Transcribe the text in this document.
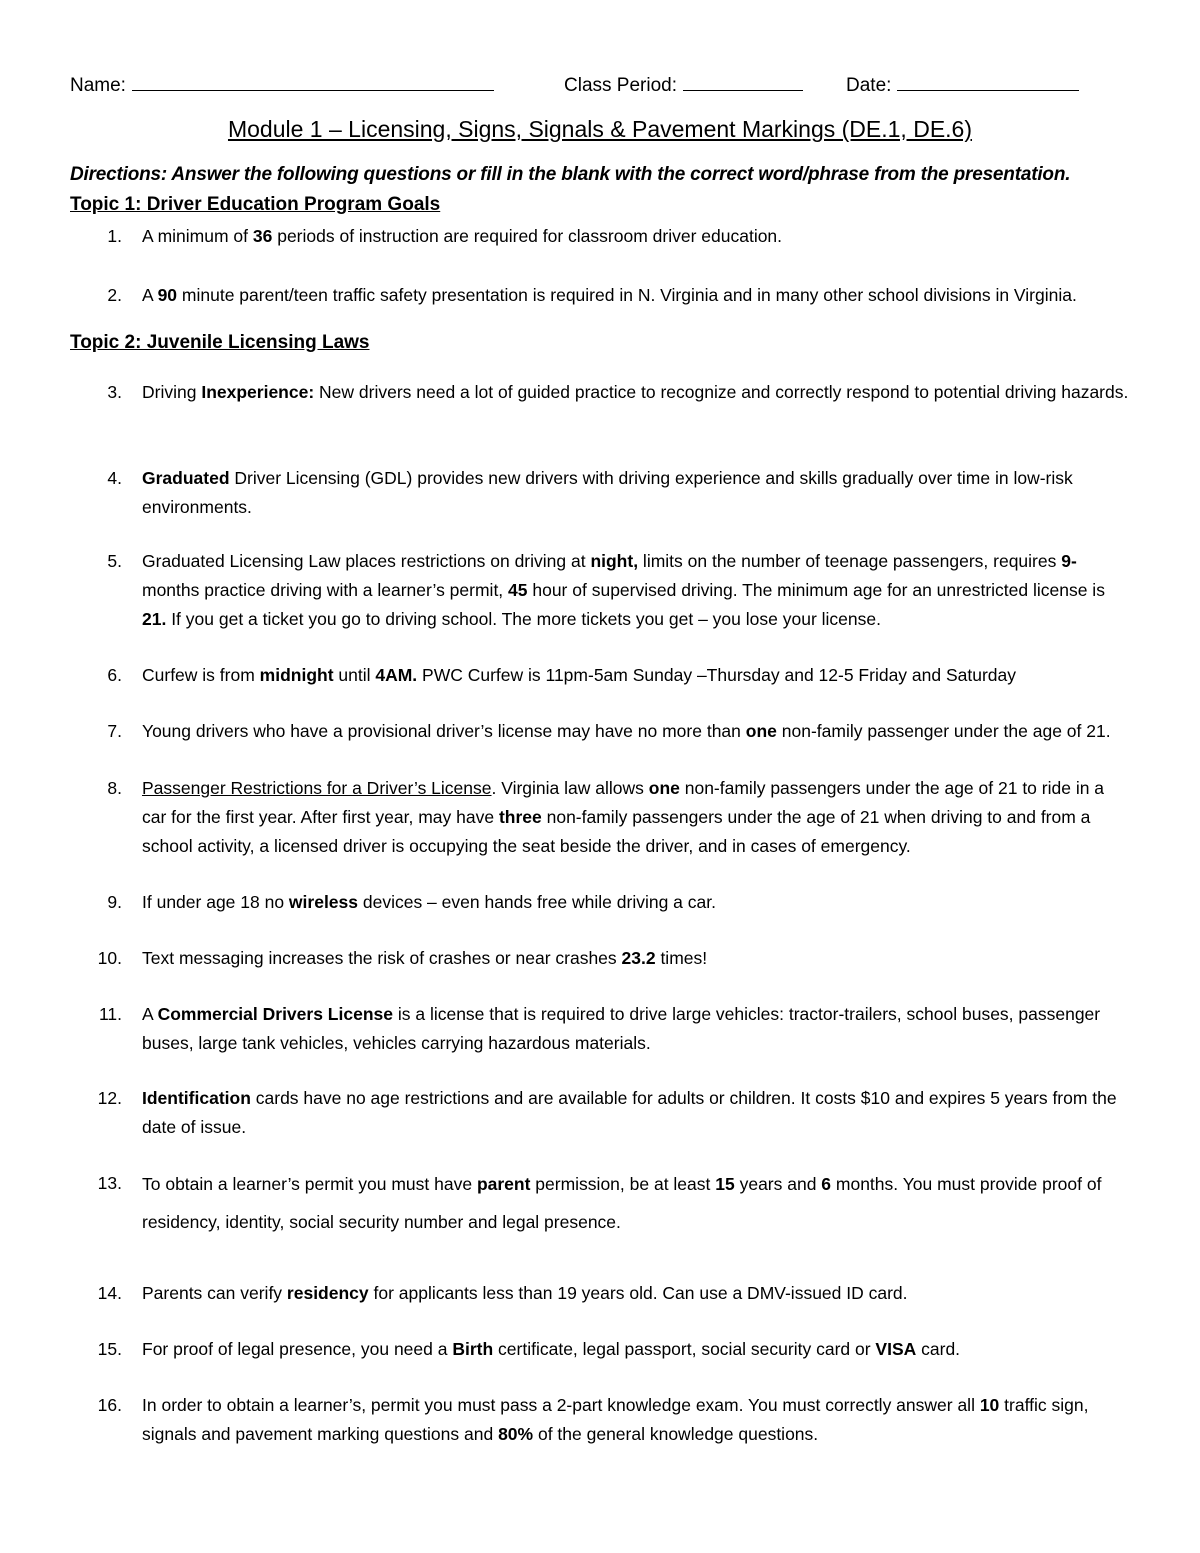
Name:	Class Period:	Date:
Module 1 – Licensing, Signs, Signals & Pavement Markings (DE.1, DE.6)
Directions: Answer the following questions or fill in the blank with the correct word/phrase from the presentation.
Topic 1: Driver Education Program Goals
1. A minimum of 36 periods of instruction are required for classroom driver education.
2. A 90 minute parent/teen traffic safety presentation is required in N. Virginia and in many other school divisions in Virginia.
Topic 2: Juvenile Licensing Laws
3. Driving Inexperience: New drivers need a lot of guided practice to recognize and correctly respond to potential driving hazards.
4. Graduated Driver Licensing (GDL) provides new drivers with driving experience and skills gradually over time in low-risk environments.
5. Graduated Licensing Law places restrictions on driving at night, limits on the number of teenage passengers, requires 9- months practice driving with a learner’s permit, 45 hour of supervised driving. The minimum age for an unrestricted license is 21. If you get a ticket you go to driving school. The more tickets you get – you lose your license.
6. Curfew is from midnight until 4AM. PWC Curfew is 11pm-5am Sunday –Thursday and 12-5 Friday and Saturday
7. Young drivers who have a provisional driver’s license may have no more than one non-family passenger under the age of 21.
8. Passenger Restrictions for a Driver’s License. Virginia law allows one non-family passengers under the age of 21 to ride in a car for the first year. After first year, may have three non-family passengers under the age of 21 when driving to and from a school activity, a licensed driver is occupying the seat beside the driver, and in cases of emergency.
9. If under age 18 no wireless devices – even hands free while driving a car.
10. Text messaging increases the risk of crashes or near crashes 23.2 times!
11. A Commercial Drivers License is a license that is required to drive large vehicles: tractor-trailers, school buses, passenger buses, large tank vehicles, vehicles carrying hazardous materials.
12. Identification cards have no age restrictions and are available for adults or children. It costs $10 and expires 5 years from the date of issue.
13. To obtain a learner’s permit you must have parent permission, be at least 15 years and 6 months. You must provide proof of residency, identity, social security number and legal presence.
14. Parents can verify residency for applicants less than 19 years old. Can use a DMV-issued ID card.
15. For proof of legal presence, you need a Birth certificate, legal passport, social security card or VISA card.
16. In order to obtain a learner’s, permit you must pass a 2-part knowledge exam. You must correctly answer all 10 traffic sign, signals and pavement marking questions and 80% of the general knowledge questions.
